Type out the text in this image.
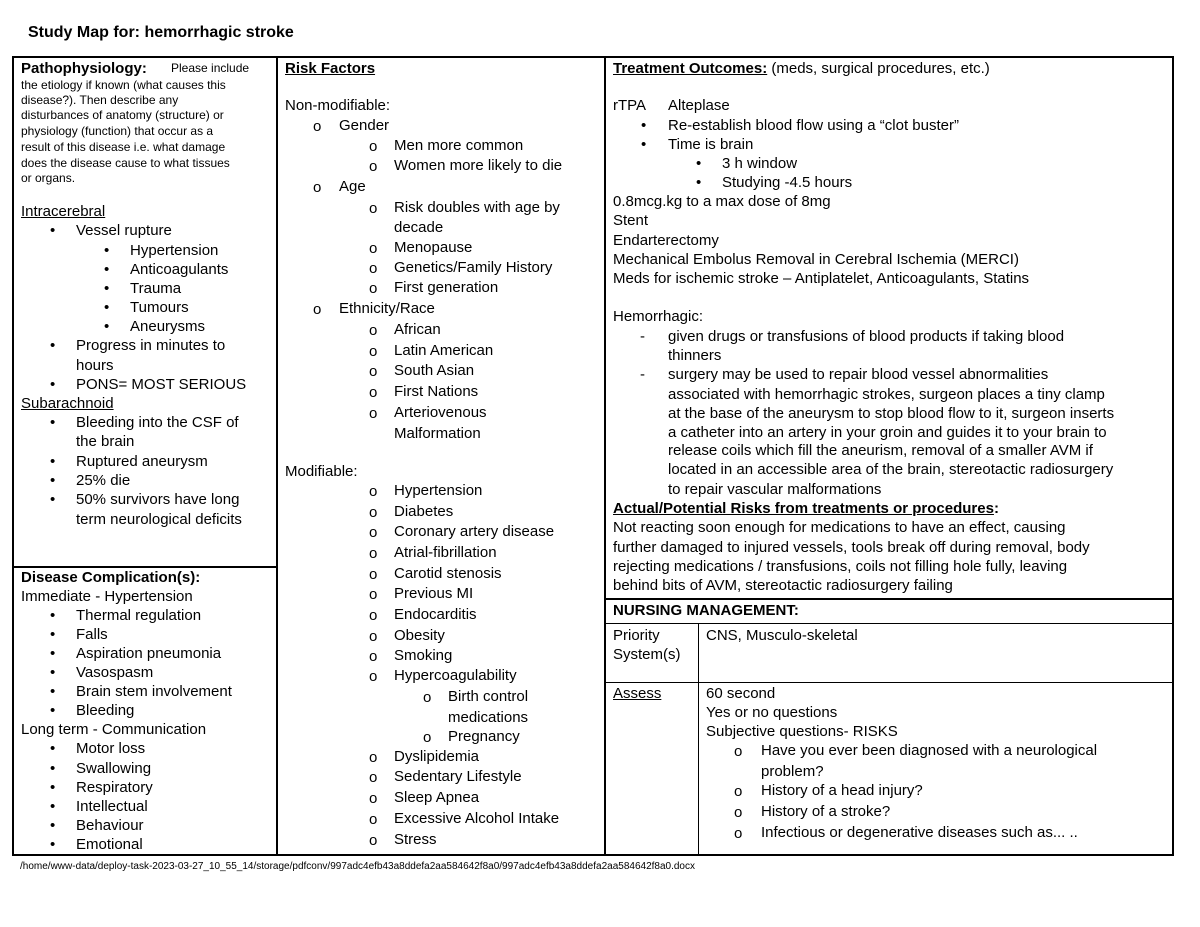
Study Map for: hemorrhagic stroke
Pathophysiology: Please include
the etiology if known (what causes this
disease?). Then describe any
disturbances of anatomy (structure) or
physiology (function) that occur as a
result of this disease i.e. what damage
does the disease cause to what tissues
or organs.
Intracerebral
• Vessel rupture
• Hypertension
• Anticoagulants
• Trauma
• Tumours
• Aneurysms
• Progress in minutes to
hours
• PONS= MOST SERIOUS
Subarachnoid
• Bleeding into the CSF of
the brain
• Ruptured aneurysm
• 25% die
• 50% survivors have long
term neurological deficits
Disease Complication(s):
Immediate - Hypertension
• Thermal regulation
• Falls
• Aspiration pneumonia
• Vasospasm
• Brain stem involvement
• Bleeding
Long term - Communication
• Motor loss
• Swallowing
• Respiratory
• Intellectual
• Behaviour
• Emotional
Risk Factors
Non-modifiable:
o Gender
o Men more common
o Women more likely to die
o Age
o Risk doubles with age by
decade
o Menopause
o Genetics/Family History
o First generation
o Ethnicity/Race
o African
o Latin American
o South Asian
o First Nations
o Arteriovenous
Malformation
Modifiable:
o Hypertension
o Diabetes
o Coronary artery disease
o Atrial-fibrillation
o Carotid stenosis
o Previous MI
o Endocarditis
o Obesity
o Smoking
o Hypercoagulability
o Birth control
medications
o Pregnancy
o Dyslipidemia
o Sedentary Lifestyle
o Sleep Apnea
o Excessive Alcohol Intake
o Stress
Treatment Outcomes: (meds, surgical procedures, etc.)
rTPA Alteplase
• Re-establish blood flow using a “clot buster”
• Time is brain
• 3 h window
• Studying -4.5 hours
0.8mcg.kg to a max dose of 8mg
Stent
Endarterectomy
Mechanical Embolus Removal in Cerebral Ischemia (MERCI)
Meds for ischemic stroke – Antiplatelet, Anticoagulants, Statins
Hemorrhagic:
- given drugs or transfusions of blood products if taking blood
thinners
- surgery may be used to repair blood vessel abnormalities
associated with hemorrhagic strokes, surgeon places a tiny clamp
at the base of the aneurysm to stop blood flow to it, surgeon inserts
a catheter into an artery in your groin and guides it to your brain to
release coils which fill the aneurism, removal of a smaller AVM if
located in an accessible area of the brain, stereotactic radiosurgery
to repair vascular malformations
Actual/Potential Risks from treatments or procedures:
Not reacting soon enough for medications to have an effect, causing
further damaged to injured vessels, tools break off during removal, body
rejecting medications / transfusions, coils not filling hole fully, leaving
behind bits of AVM, stereotactic radiosurgery failing
NURSING MANAGEMENT:
Priority
System(s)
CNS, Musculo-skeletal
Assess	60 second
Yes or no questions
Subjective questions- RISKS
o Have you ever been diagnosed with a neurological
problem?
o History of a head injury?
o History of a stroke?
o Infectious or degenerative diseases such as... ..
/home/www-data/deploy-task-2023-03-27_10_55_14/storage/pdfconv/997adc4efb43a8ddefa2aa584642f8a0/997adc4efb43a8ddefa2aa584642f8a0.docx
